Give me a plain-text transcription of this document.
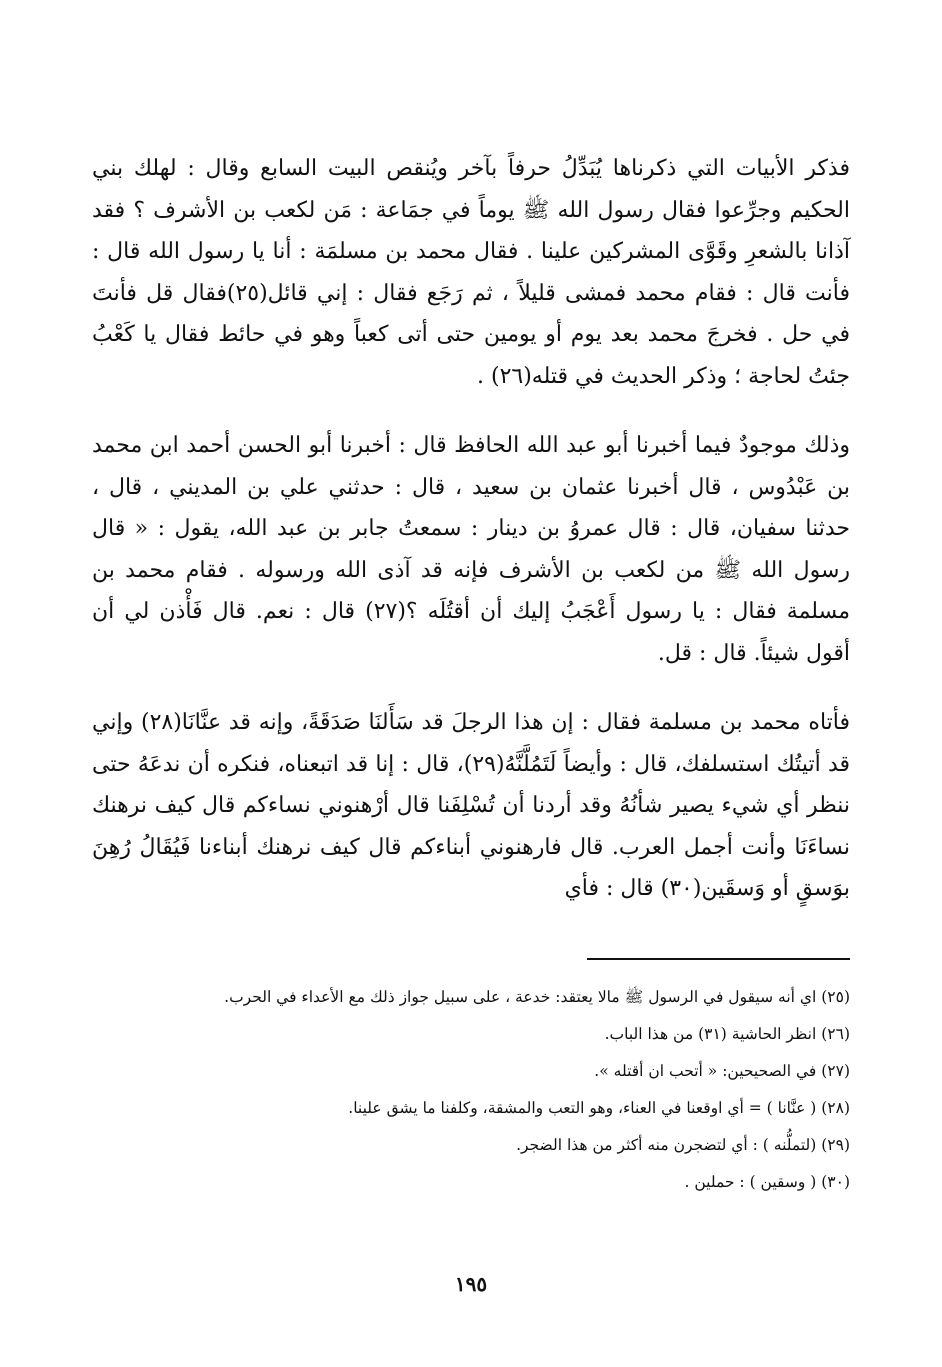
فذكر الأبيات التي ذكرناها يُبَدِّلُ حرفاً بآخر ويُنقص البيت السابع وقال : لهلك بني الحكيم وجرِّعوا فقال رسول الله ﷺ يوماً في جمَاعة : مَن لكعب بن الأشرف ؟ فقد آذانا بالشعرِ وقَوَّى المشركين علينا . فقال محمد بن مسلمَة : أنا يا رسول الله قال : فأنت قال : فقام محمد فمشى قليلاً ، ثم رَجَع فقال : إني قائل(٢٥)فقال قل فأنتَ في حل . فخرجَ محمد بعد يوم أو يومين حتى أتى كعباً وهو في حائط فقال يا كَعْبُ جئتُ لحاجة ؛ وذكر الحديث في قتله(٢٦) .

وذلك موجودٌ فيما أخبرنا أبو عبد الله الحافظ قال : أخبرنا أبو الحسن أحمد ابن محمد بن عَبْدُوس ، قال أخبرنا عثمان بن سعيد ، قال : حدثني علي بن المديني ، قال ، حدثنا سفيان، قال : قال عمروُ بن دينار : سمعتُ جابر بن عبد الله، يقول : « قال رسول الله ﷺ من لكعب بن الأشرف فإنه قد آذى الله ورسوله . فقام محمد بن مسلمة فقال : يا رسول أَعْجَبُ إليك أن أقتُلَه ؟(٢٧) قال : نعم. قال فَأْذن لي أن أقول شيئاً. قال : قل.

فأتاه محمد بن مسلمة فقال : إن هذا الرجلَ قد سَأَلنَا صَدَقَةً، وإنه قد عنَّانَا(٢٨) وإني قد أتيتُك استسلفك، قال : وأيضاً لَتَمُلَّنَّهُ(٢٩)، قال : إنا قد اتبعناه، فنكره أن ندعَهُ حتى ننظر أي شيء يصير شأنُهُ وقد أردنا أن تُسْلِفَنا قال أرْهنوني نساءكم قال كيف نرهنك نساءَنَا وأنت أجمل العرب. قال فارهنوني أبناءكم قال كيف نرهنك أبناءنا فَيُقَالُ رُهِنَ بوَسقٍ أو وَسقَين(٣٠) قال : فأي

(٢٥) اي أنه سيقول في الرسول ﷺ مالا يعتقد: خدعة ، على سبيل جواز ذلك مع الأعداء في الحرب.

(٢٦) انظر الحاشية (٣١) من هذا الباب.

(٢٧) في الصحيحين: « أتحب ان أقتله ».

(٢٨) ( عنَّانا ) = أي اوقعنا في العناء، وهو التعب والمشقة، وكلفنا ما يشق علينا.

(٢٩) (لتملُّنه ) : أي لتضجرن منه أكثر من هذا الضجر.

(٣٠) ( وسقين ) : حملين .

١٩٥
